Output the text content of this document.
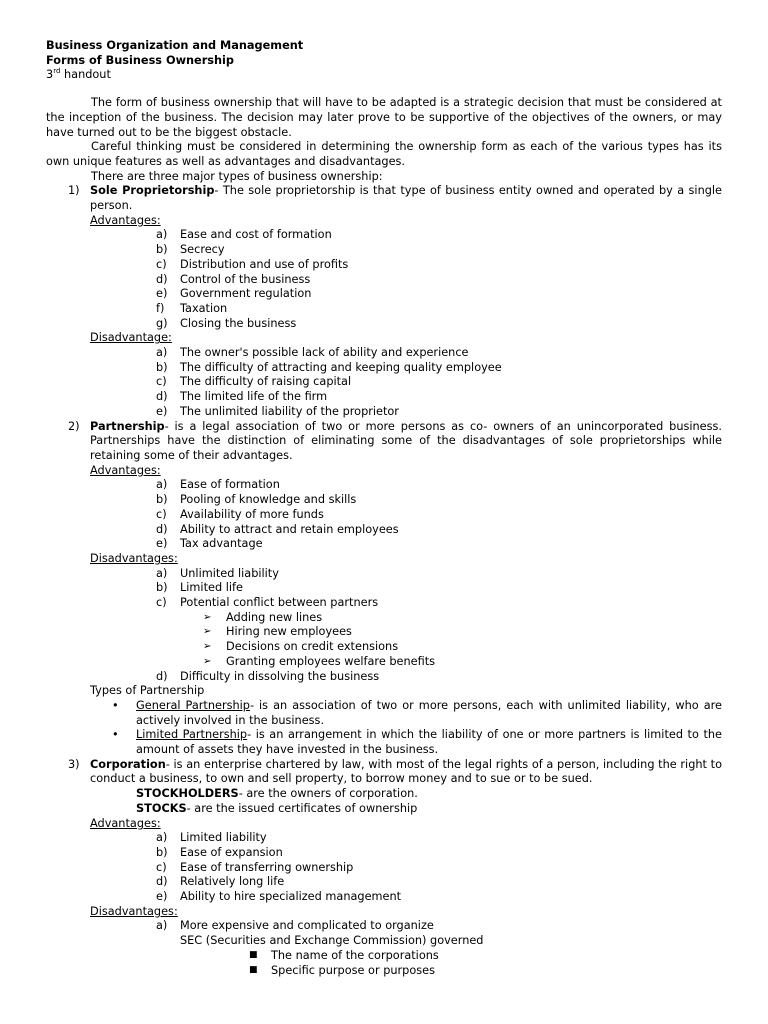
Business Organization and Management
Forms of Business Ownership
3rd handout
The form of business ownership that will have to be adapted is a strategic decision that must be considered at the inception of the business. The decision may later prove to be supportive of the objectives of the owners, or may have turned out to be the biggest obstacle.
Careful thinking must be considered in determining the ownership form as each of the various types has its own unique features as well as advantages and disadvantages.
There are three major types of business ownership:
1) Sole Proprietorship- The sole proprietorship is that type of business entity owned and operated by a single person.
Advantages:
a) Ease and cost of formation
b) Secrecy
c) Distribution and use of profits
d) Control of the business
e) Government regulation
f) Taxation
g) Closing the business
Disadvantage:
a) The owner's possible lack of ability and experience
b) The difficulty of attracting and keeping quality employee
c) The difficulty of raising capital
d) The limited life of the firm
e) The unlimited liability of the proprietor
2) Partnership- is a legal association of two or more persons as co- owners of an unincorporated business. Partnerships have the distinction of eliminating some of the disadvantages of sole proprietorships while retaining some of their advantages.
Advantages:
a) Ease of formation
b) Pooling of knowledge and skills
c) Availability of more funds
d) Ability to attract and retain employees
e) Tax advantage
Disadvantages:
a) Unlimited liability
b) Limited life
c) Potential conflict between partners
➢ Adding new lines
➢ Hiring new employees
➢ Decisions on credit extensions
➢ Granting employees welfare benefits
d) Difficulty in dissolving the business
Types of Partnership
• General Partnership- is an association of two or more persons, each with unlimited liability, who are actively involved in the business.
• Limited Partnership- is an arrangement in which the liability of one or more partners is limited to the amount of assets they have invested in the business.
3) Corporation- is an enterprise chartered by law, with most of the legal rights of a person, including the right to conduct a business, to own and sell property, to borrow money and to sue or to be sued.
STOCKHOLDERS- are the owners of corporation.
STOCKS- are the issued certificates of ownership
Advantages:
a) Limited liability
b) Ease of expansion
c) Ease of transferring ownership
d) Relatively long life
e) Ability to hire specialized management
Disadvantages:
a) More expensive and complicated to organize
SEC (Securities and Exchange Commission) governed
■ The name of the corporations
■ Specific purpose or purposes
